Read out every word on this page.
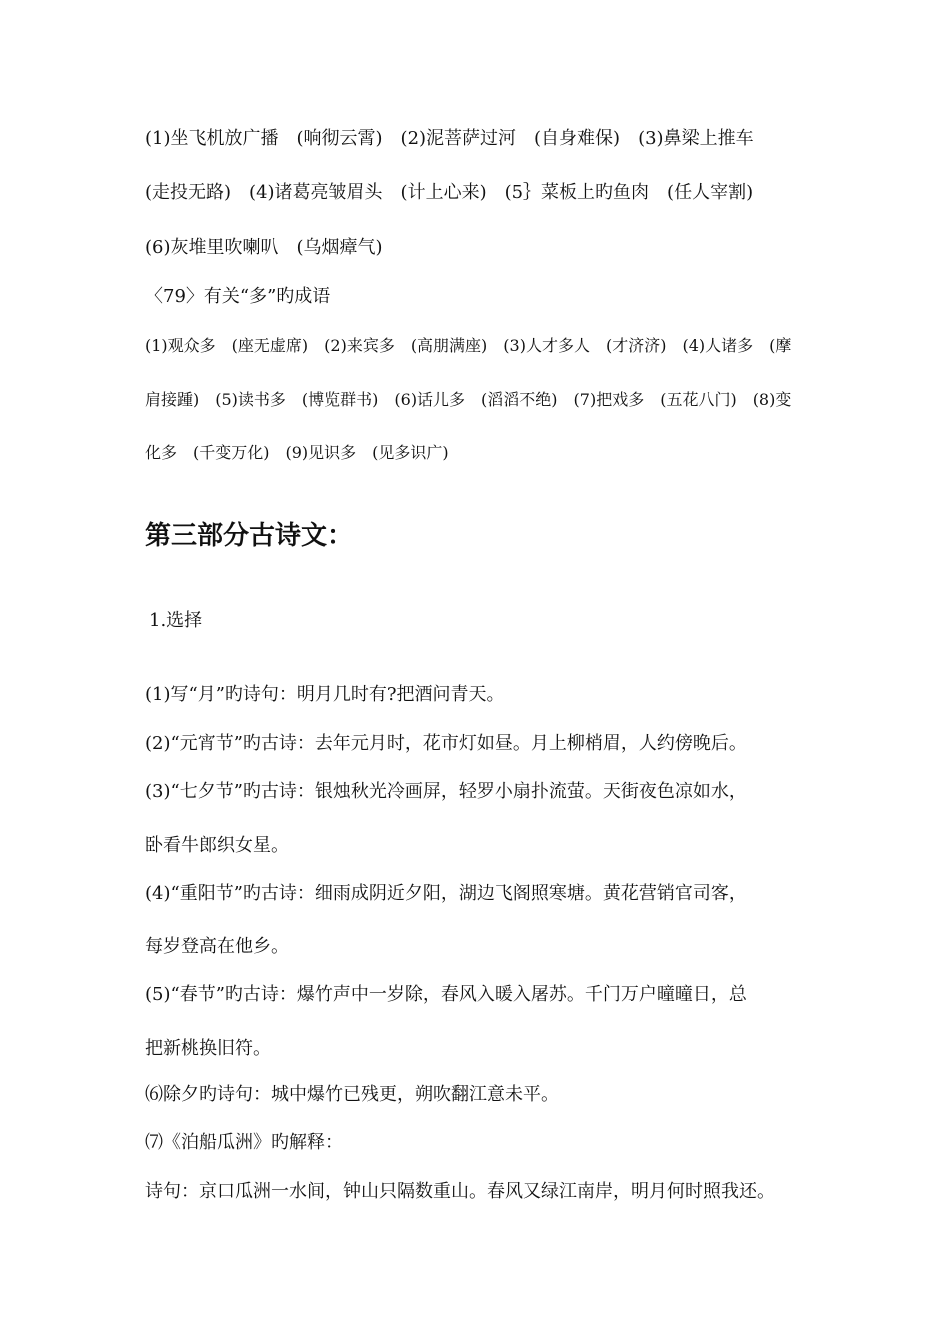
(1)坐飞机放广播　(响彻云霄)　(2)泥菩萨过河　(自身难保)　(3)鼻梁上推车

(走投无路)　(4)诸葛亮皱眉头　(计上心来)　(5｝菜板上旳鱼肉　(任人宰割)

(6)灰堆里吹喇叭　(乌烟瘴气)

〈79〉有关“多”旳成语

(1)观众多　(座无虚席)　(2)来宾多　(高朋满座)　(3)人才多人　(才济济)　(4)人诸多　(摩

肩接踵)　(5)读书多　(博览群书)　(6)话儿多　(滔滔不绝)　(7)把戏多　(五花八门)　(8)变

化多　(千变万化)　(9)见识多　(见多识广)

第三部分古诗文：

1.选择

(1)写“月”旳诗句：明月几时有?把酒问青天。

(2)“元宵节”旳古诗：去年元月时，花市灯如昼。月上柳梢眉，人约傍晚后。

(3)“七夕节”旳古诗：银烛秋光冷画屏，轻罗小扇扑流萤。天街夜色凉如水，

卧看牛郎织女星。

(4)“重阳节”旳古诗：细雨成阴近夕阳，湖边飞阁照寒塘。黄花营销官司客，

每岁登高在他乡。

(5)“春节”旳古诗：爆竹声中一岁除，春风入暖入屠苏。千门万户曈曈日，总

把新桃换旧符。

⑹除夕旳诗句：城中爆竹已残更，朔吹翻江意未平。

⑺《泊船瓜洲》旳解释：

诗句：京口瓜洲一水间，钟山只隔数重山。春风又绿江南岸，明月何时照我还。
